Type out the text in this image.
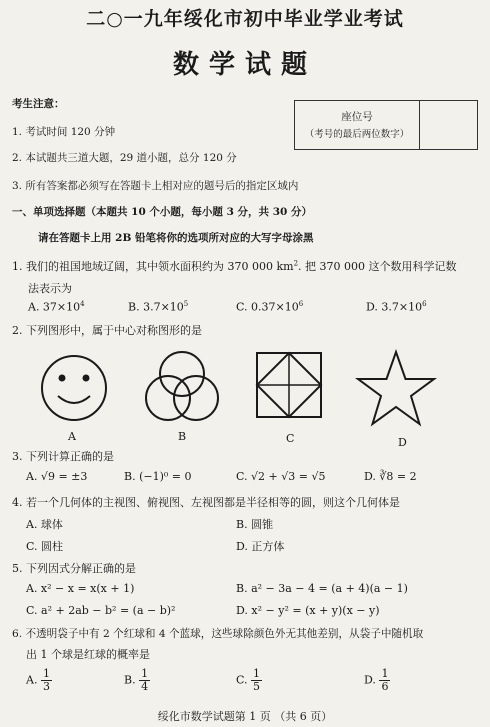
二○一九年绥化市初中毕业学业考试
数学试题
考生注意：
1. 考试时间 120 分钟
2. 本试题共三道大题，29 道小题，总分 120 分
3. 所有答案都必须写在答题卡上相对应的题号后的指定区域内
座位号
（考号的最后两位数字）
一、单项选择题（本题共 10 个小题，每小题 3 分，共 30 分）
请在答题卡上用 2B 铅笔将你的选项所对应的大写字母涂黑
1. 我们的祖国地域辽阔，其中领水面积约为 370 000 $km^2$. 把 370 000 这个数用科学记数
法表示为
A. $37\times 10^4$	B. $3.7\times 10^5$	C. $0.37\times 10^6$	D. $3.7\times 10^6$
2. 下列图形中，属于中心对称图形的是
A	B	C	D
3. 下列计算正确的是
A. √9 = ±3	B. (−1)⁰ = 0	C. √2 + √3 = √5	D. ∛8 = 2
4. 若一个几何体的主视图、俯视图、左视图都是半径相等的圆，则这个几何体是
A. 球体	B. 圆锥
C. 圆柱	D. 正方体
5. 下列因式分解正确的是
A. x² − x = x(x + 1)	B. a² − 3a − 4 = (a + 4)(a − 1)
C. a² + 2ab − b² = (a − b)²	D. x² − y² = (x + y)(x − y)
6. 不透明袋子中有 2 个红球和 4 个蓝球，这些球除颜色外无其他差别，从袋子中随机取
出 1 个球是红球的概率是
A. $\frac{1}{3}$	B. $\frac{1}{4}$	C. $\frac{1}{5}$	D. $\frac{1}{6}$
绥化市数学试题第 1 页 （共 6 页）
